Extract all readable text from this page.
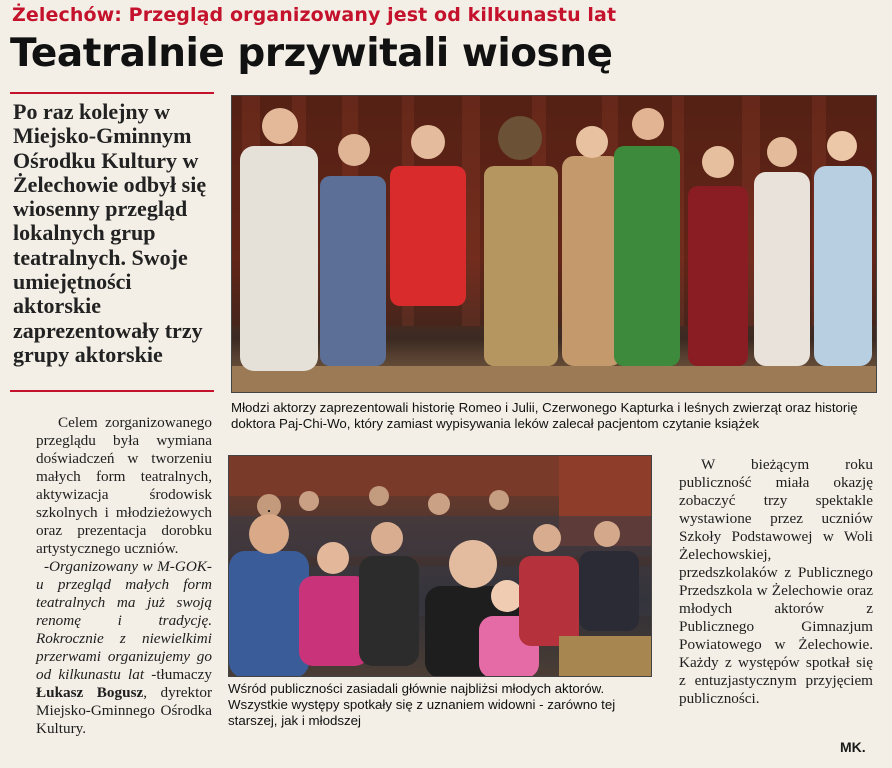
Żelechów: Przegląd organizowany jest od kilkunastu lat
Teatralnie przywitali wiosnę
Po raz kolejny w Miejsko-Gminnym Ośrodku Kultury w Żelechowie odbył się wiosenny przegląd lokalnych grup teatralnych. Swoje umiejętności aktorskie zaprezentowały trzy grupy aktorskie

Celem zorganizowanego przeglądu była wymiana doświadczeń w tworzeniu małych form teatralnych, aktywizacja środowisk szkolnych i młodzieżowych oraz prezentacja dorobku artystycznego uczniów.

-Organizowany w M-GOK-u przegląd małych form teatralnych ma już swoją renomę i tradycję. Rokrocznie z niewielkimi przerwami organizujemy go od kilkunastu lat -tłumaczy Łukasz Bogusz, dyrektor Miejsko-Gminnego Ośrodka Kultury.

Młodzi aktorzy zaprezentowali historię Romeo i Julii, Czerwonego Kapturka i leśnych zwierząt oraz historię doktora Paj-Chi-Wo, który zamiast wypisywania leków zalecał pacjentom czytanie książek
Wśród publiczności zasiadali głównie najbliżsi młodych aktorów. Wszystkie występy spotkały się z uznaniem widowni - zarówno tej starszej, jak i młodszej

W bieżącym roku publiczność miała okazję zobaczyć trzy spektakle wystawione przez uczniów Szkoły Podstawowej w Woli Żelechowskiej, przedszkolaków z Publicznego Przedszkola w Żelechowie oraz młodych aktorów z Publicznego Gimnazjum Powiatowego w Żelechowie. Każdy z występów spotkał się z entuzjastycznym przyjęciem publiczności.

MK.
